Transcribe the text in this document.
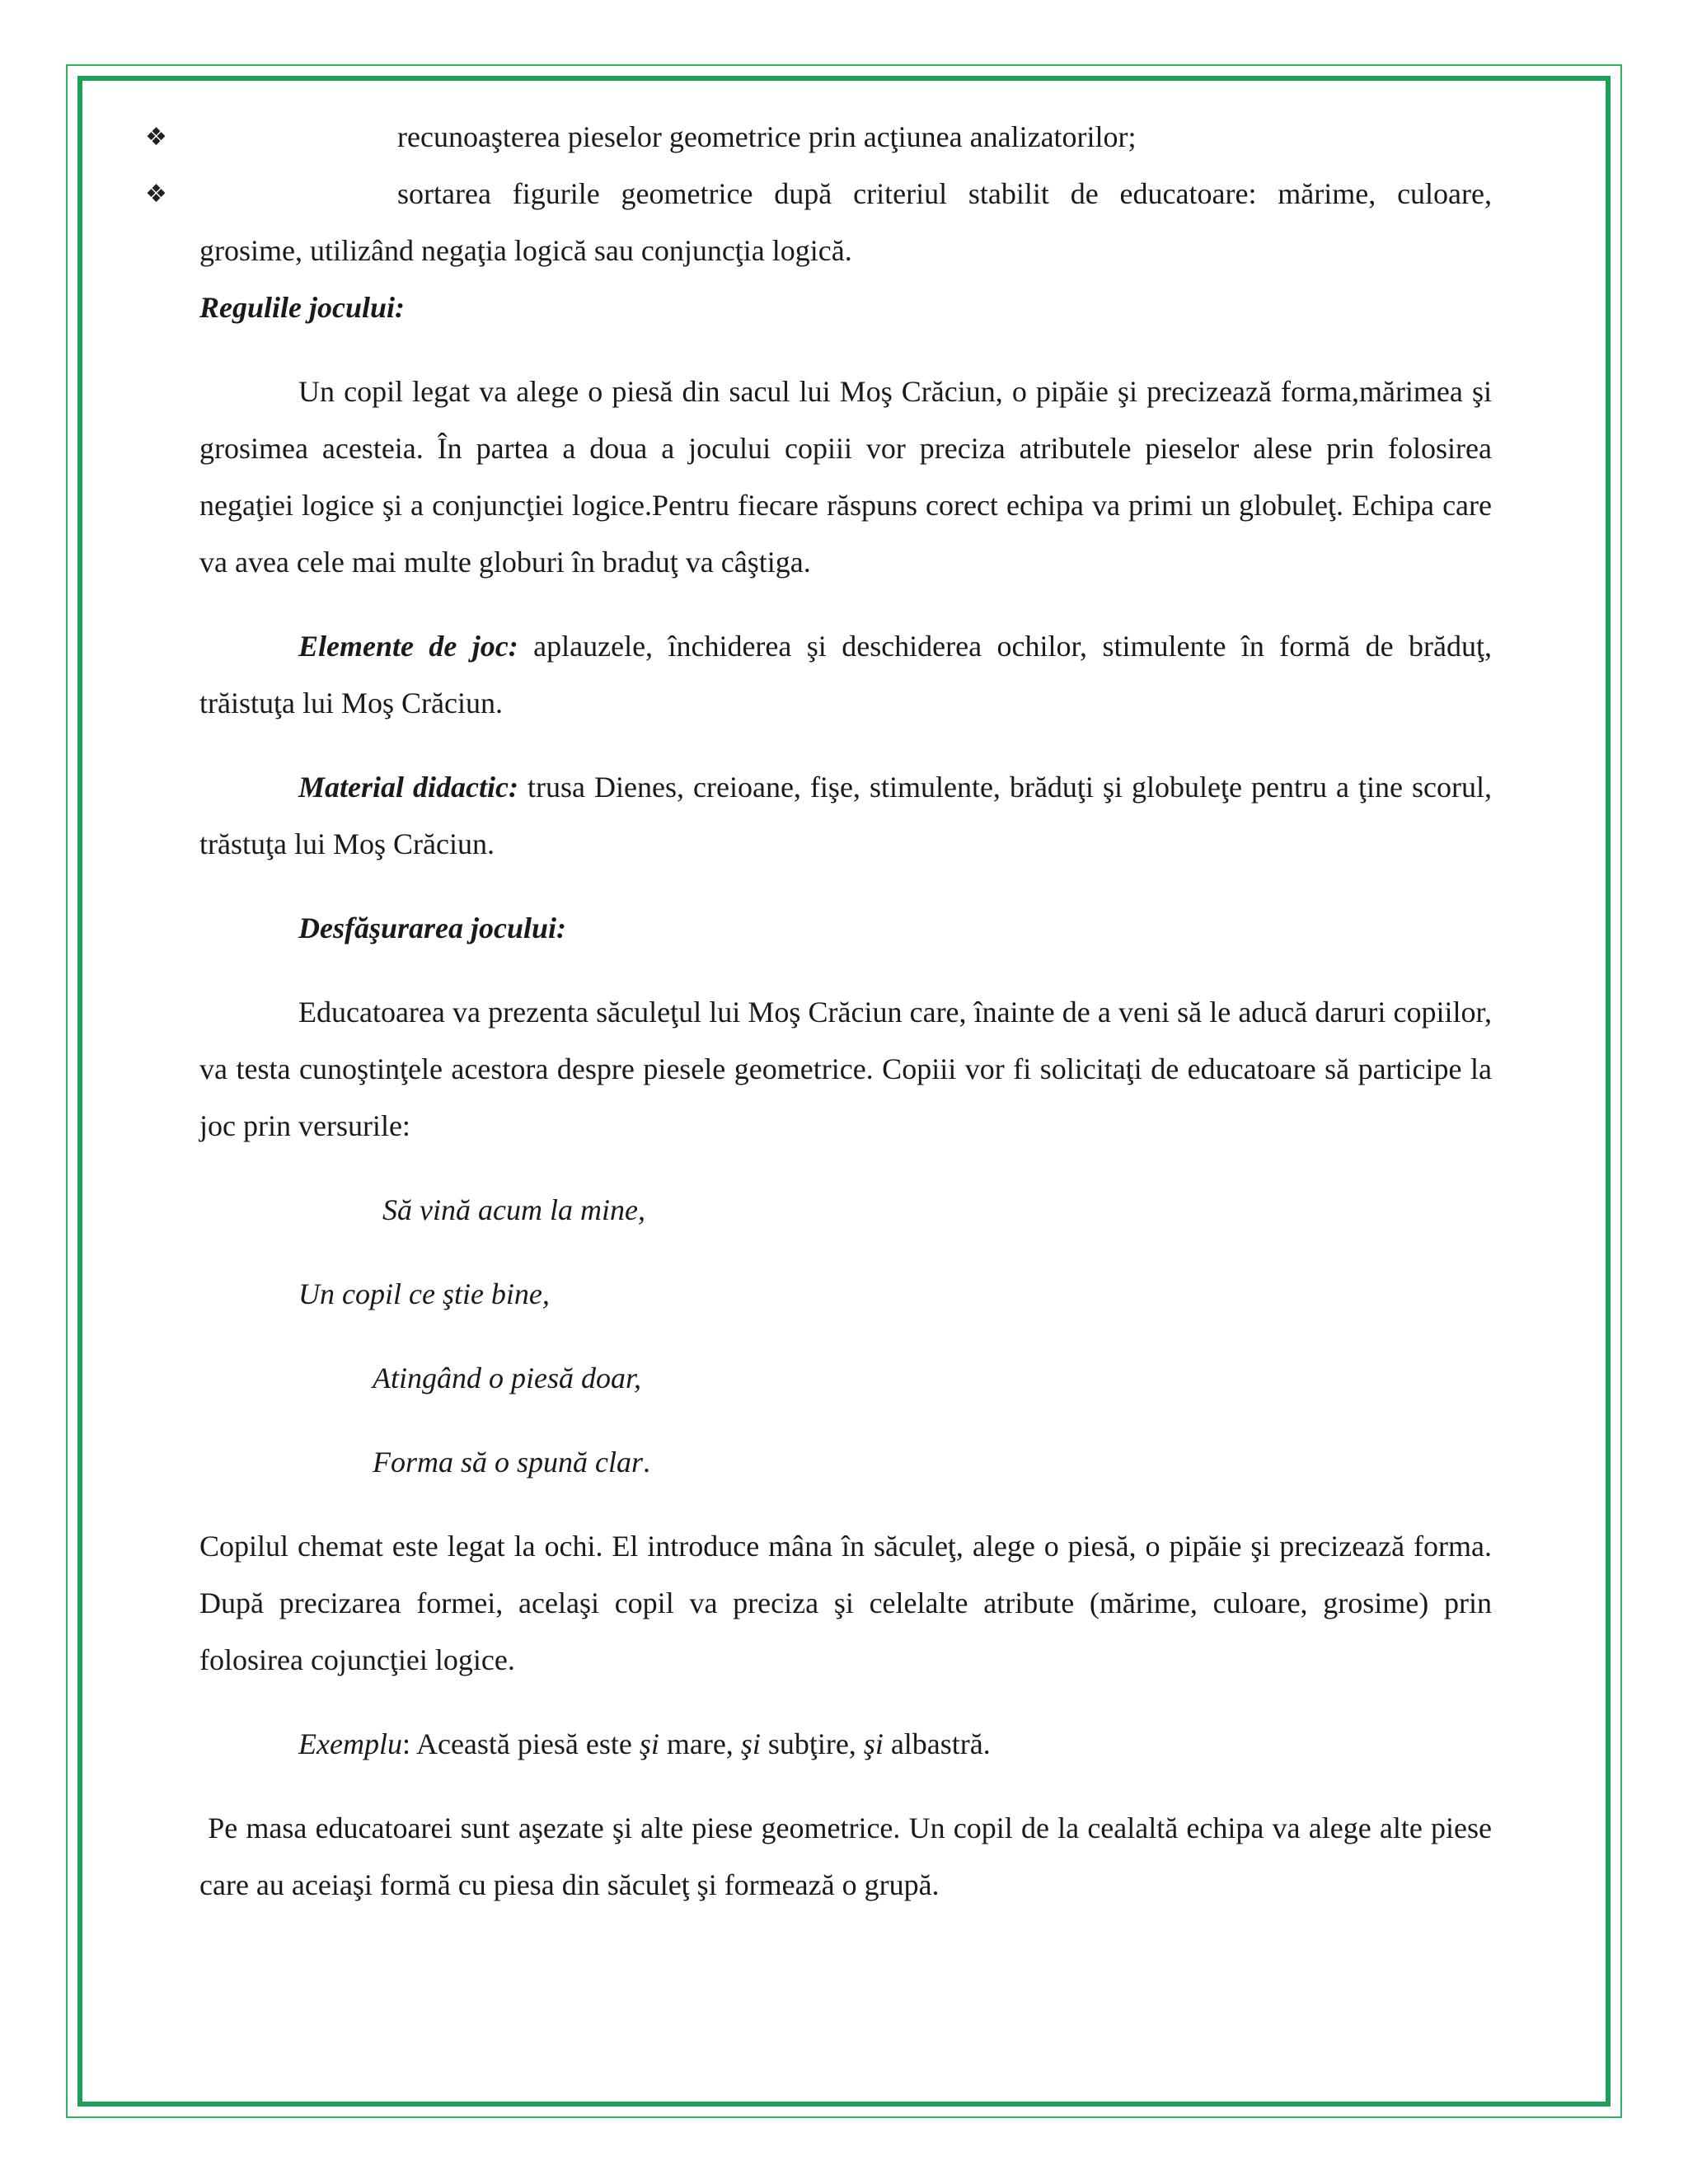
❖	recunoaşterea pieselor geometrice prin acţiunea analizatorilor;
❖	sortarea figurile geometrice după criteriul stabilit de educatoare: mărime, culoare,
grosime, utilizând negaţia logică sau conjuncţia logică.

Regulile jocului:

Un copil legat va alege o piesă din sacul lui Moş Crăciun, o pipăie şi precizează forma,mărimea şi grosimea acesteia. În partea a doua a jocului copiii vor preciza atributele pieselor alese prin folosirea negaţiei logice şi a conjuncţiei logice.Pentru fiecare răspuns corect echipa va primi un globuleţ. Echipa care va avea cele mai multe globuri în braduţ va câştiga.

Elemente de joc: aplauzele, închiderea şi deschiderea ochilor, stimulente în formă de brăduţ, trăistuţa lui Moş Crăciun.

Material didactic: trusa Dienes, creioane, fişe, stimulente, brăduţi şi globuleţe pentru a ţine scorul, trăstuţa lui Moş Crăciun.

Desfăşurarea jocului:

Educatoarea va prezenta săculeţul lui Moş Crăciun care, înainte de a veni să le aducă daruri copiilor, va testa cunoştinţele acestora despre piesele geometrice. Copiii vor fi solicitaţi de educatoare să participe la joc prin versurile:

Să vină acum la mine,

Un copil ce ştie bine,

Atingând o piesă doar,

Forma să o spună clar.

Copilul chemat este legat la ochi. El introduce mâna în săculeţ, alege o piesă, o pipăie şi precizează forma. După precizarea formei, acelaşi copil va preciza şi celelalte atribute (mărime, culoare, grosime) prin folosirea cojuncţiei logice.

Exemplu: Această piesă este şi mare, şi subţire, şi albastră.

Pe masa educatoarei sunt aşezate şi alte piese geometrice. Un copil de la cealaltă echipa va alege alte piese care au aceiaşi formă cu piesa din săculeţ şi formează o grupă.
